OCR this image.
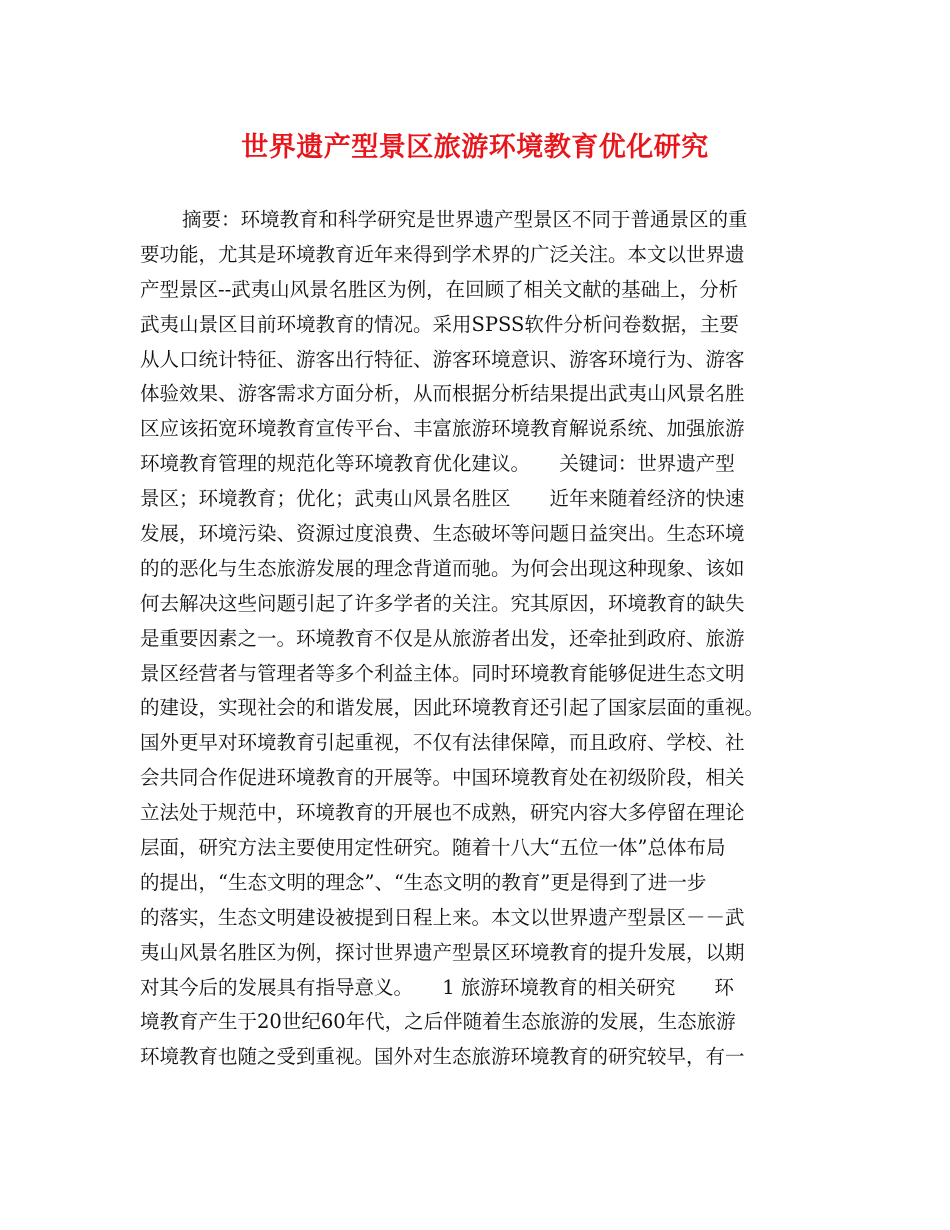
世界遗产型景区旅游环境教育优化研究
摘要：环境教育和科学研究是世界遗产型景区不同于普通景区的重
要功能，尤其是环境教育近年来得到学术界的广泛关注。本文以世界遗
产型景区--武夷山风景名胜区为例，在回顾了相关文献的基础上，分析
武夷山景区目前环境教育的情况。采用SPSS软件分析问卷数据，主要
从人口统计特征、游客出行特征、游客环境意识、游客环境行为、游客
体验效果、游客需求方面分析，从而根据分析结果提出武夷山风景名胜
区应该拓宽环境教育宣传平台、丰富旅游环境教育解说系统、加强旅游
环境教育管理的规范化等环境教育优化建议。　　关键词：世界遗产型
景区；环境教育；优化；武夷山风景名胜区　　近年来随着经济的快速
发展，环境污染、资源过度浪费、生态破坏等问题日益突出。生态环境
的的恶化与生态旅游发展的理念背道而驰。为何会出现这种现象、该如
何去解决这些问题引起了许多学者的关注。究其原因，环境教育的缺失
是重要因素之一。环境教育不仅是从旅游者出发，还牵扯到政府、旅游
景区经营者与管理者等多个利益主体。同时环境教育能够促进生态文明
的建设，实现社会的和谐发展，因此环境教育还引起了国家层面的重视。
国外更早对环境教育引起重视，不仅有法律保障，而且政府、学校、社
会共同合作促进环境教育的开展等。中国环境教育处在初级阶段，相关
立法处于规范中，环境教育的开展也不成熟，研究内容大多停留在理论
层面，研究方法主要使用定性研究。随着十八大“五位一体”总体布局
的提出，“生态文明的理念”、“生态文明的教育”更是得到了进一步
的落实，生态文明建设被提到日程上来。本文以世界遗产型景区－－武
夷山风景名胜区为例，探讨世界遗产型景区环境教育的提升发展，以期
对其今后的发展具有指导意义。　　1 旅游环境教育的相关研究　　环
境教育产生于20世纪60年代，之后伴随着生态旅游的发展，生态旅游
环境教育也随之受到重视。国外对生态旅游环境教育的研究较早，有一
